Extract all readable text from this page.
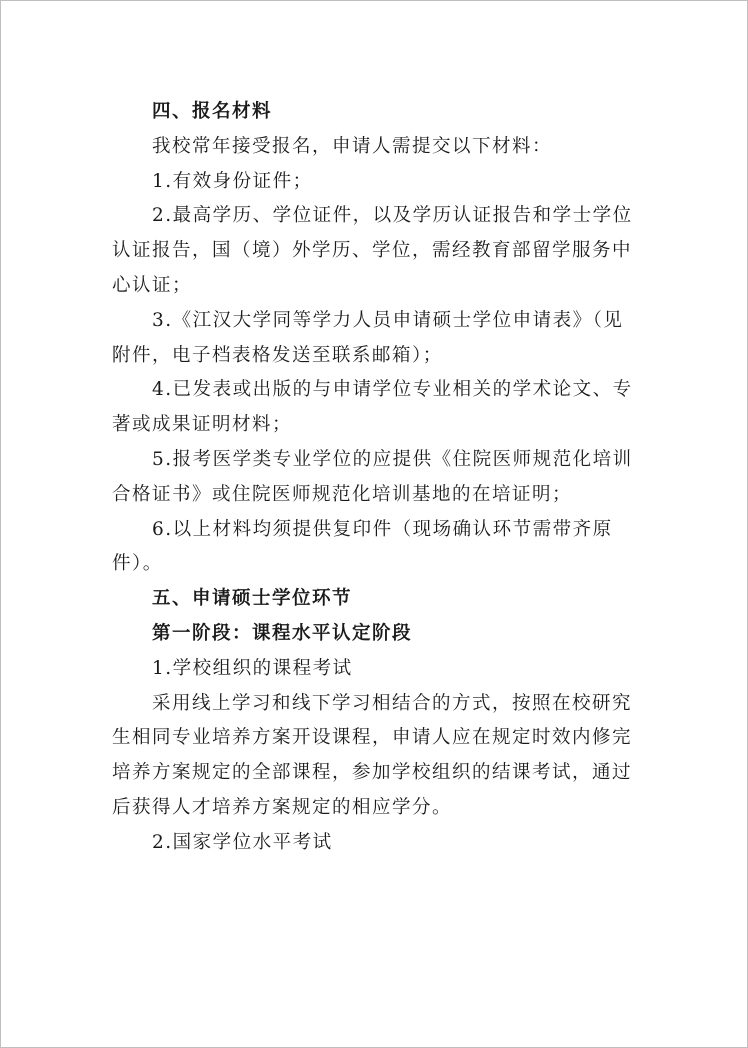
四、报名材料
我校常年接受报名，申请人需提交以下材料：
1.有效身份证件；
2.最高学历、学位证件，以及学历认证报告和学士学位
认证报告，国（境）外学历、学位，需经教育部留学服务中
心认证；
3.《江汉大学同等学力人员申请硕士学位申请表》（见
附件，电子档表格发送至联系邮箱）；
4.已发表或出版的与申请学位专业相关的学术论文、专
著或成果证明材料；
5.报考医学类专业学位的应提供《住院医师规范化培训
合格证书》或住院医师规范化培训基地的在培证明；
6.以上材料均须提供复印件（现场确认环节需带齐原
件）。
五、申请硕士学位环节
第一阶段：课程水平认定阶段
1.学校组织的课程考试
采用线上学习和线下学习相结合的方式，按照在校研究
生相同专业培养方案开设课程，申请人应在规定时效内修完
培养方案规定的全部课程，参加学校组织的结课考试，通过
后获得人才培养方案规定的相应学分。
2.国家学位水平考试
